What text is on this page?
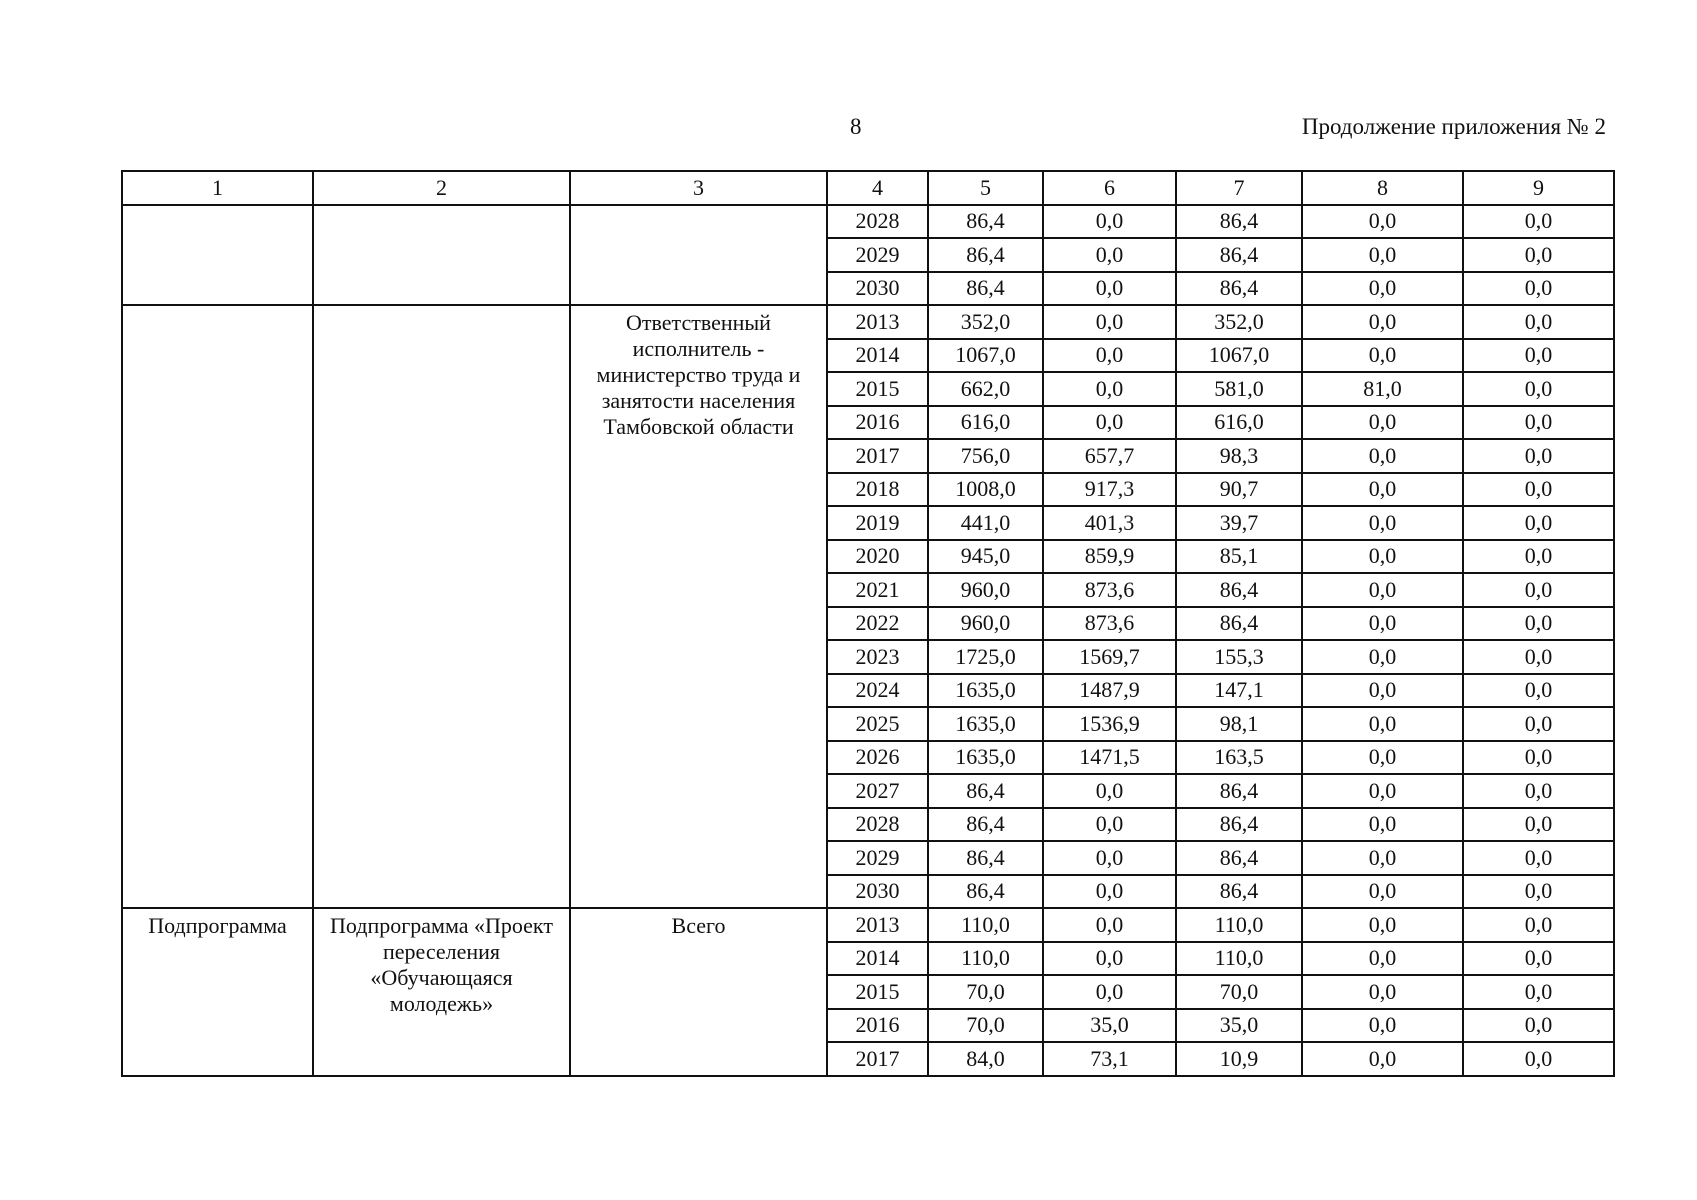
8	Продолжение приложения № 2
1	2	3	4	5	6	7	8	9
			2028	86,4	0,0	86,4	0,0	0,0
			2029	86,4	0,0	86,4	0,0	0,0
			2030	86,4	0,0	86,4	0,0	0,0
		Ответственный исполнитель - министерство труда и занятости населения Тамбовской области	2013	352,0	0,0	352,0	0,0	0,0
			2014	1067,0	0,0	1067,0	0,0	0,0
			2015	662,0	0,0	581,0	81,0	0,0
			2016	616,0	0,0	616,0	0,0	0,0
			2017	756,0	657,7	98,3	0,0	0,0
			2018	1008,0	917,3	90,7	0,0	0,0
			2019	441,0	401,3	39,7	0,0	0,0
			2020	945,0	859,9	85,1	0,0	0,0
			2021	960,0	873,6	86,4	0,0	0,0
			2022	960,0	873,6	86,4	0,0	0,0
			2023	1725,0	1569,7	155,3	0,0	0,0
			2024	1635,0	1487,9	147,1	0,0	0,0
			2025	1635,0	1536,9	98,1	0,0	0,0
			2026	1635,0	1471,5	163,5	0,0	0,0
			2027	86,4	0,0	86,4	0,0	0,0
			2028	86,4	0,0	86,4	0,0	0,0
			2029	86,4	0,0	86,4	0,0	0,0
			2030	86,4	0,0	86,4	0,0	0,0
Подпрограмма	Подпрограмма «Проект переселения «Обучающаяся молодежь»	Всего	2013	110,0	0,0	110,0	0,0	0,0
			2014	110,0	0,0	110,0	0,0	0,0
			2015	70,0	0,0	70,0	0,0	0,0
			2016	70,0	35,0	35,0	0,0	0,0
			2017	84,0	73,1	10,9	0,0	0,0
